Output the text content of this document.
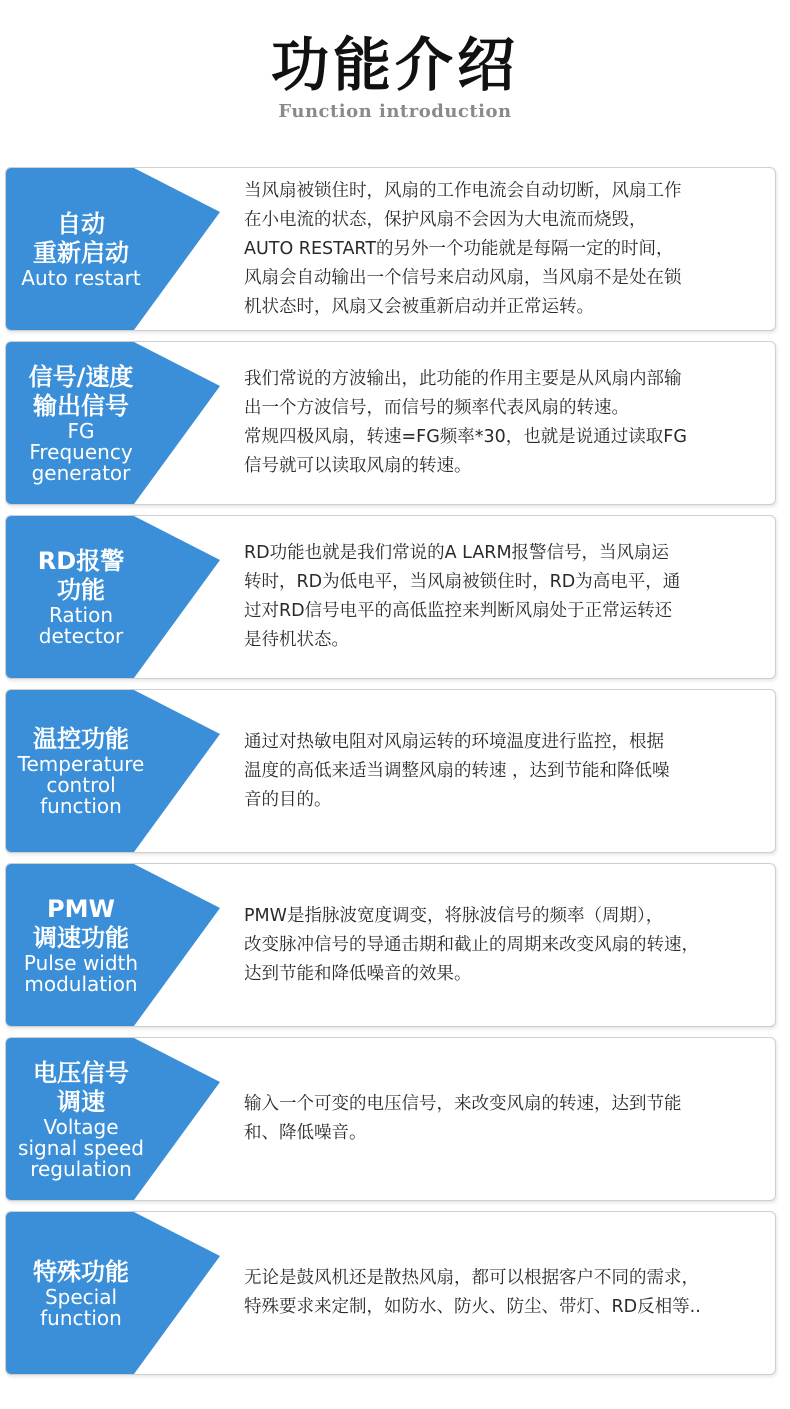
功能介绍
Function introduction
自动
重新启动
Auto restart
当风扇被锁住时，风扇的工作电流会自动切断，风扇工作
在小电流的状态，保护风扇不会因为大电流而烧毁，
AUTO RESTART的另外一个功能就是每隔一定的时间，
风扇会自动输出一个信号来启动风扇，当风扇不是处在锁
机状态时，风扇又会被重新启动并正常运转。
信号/速度
输出信号
FG
Frequency
generator
我们常说的方波输出，此功能的作用主要是从风扇内部输
出一个方波信号，而信号的频率代表风扇的转速。
常规四极风扇，转速=FG频率*30，也就是说通过读取FG
信号就可以读取风扇的转速。
RD报警
功能
Ration
detector
RD功能也就是我们常说的A LARM报警信号，当风扇运
转时，RD为低电平，当风扇被锁住时，RD为高电平，通
过对RD信号电平的高低监控来判断风扇处于正常运转还
是待机状态。
温控功能
Temperature
control
function
通过对热敏电阻对风扇运转的环境温度进行监控，根据
温度的高低来适当调整风扇的转速 ，达到节能和降低噪
音的目的。
PMW
调速功能
Pulse width
modulation
PMW是指脉波宽度调变，将脉波信号的频率（周期），
改变脉冲信号的导通击期和截止的周期来改变风扇的转速，
达到节能和降低噪音的效果。
电压信号
调速
Voltage
signal speed
regulation
输入一个可变的电压信号，来改变风扇的转速，达到节能
和、降低噪音。
特殊功能
Special
function
无论是鼓风机还是散热风扇，都可以根据客户不同的需求，
特殊要求来定制，如防水、防火、防尘、带灯、RD反相等..
